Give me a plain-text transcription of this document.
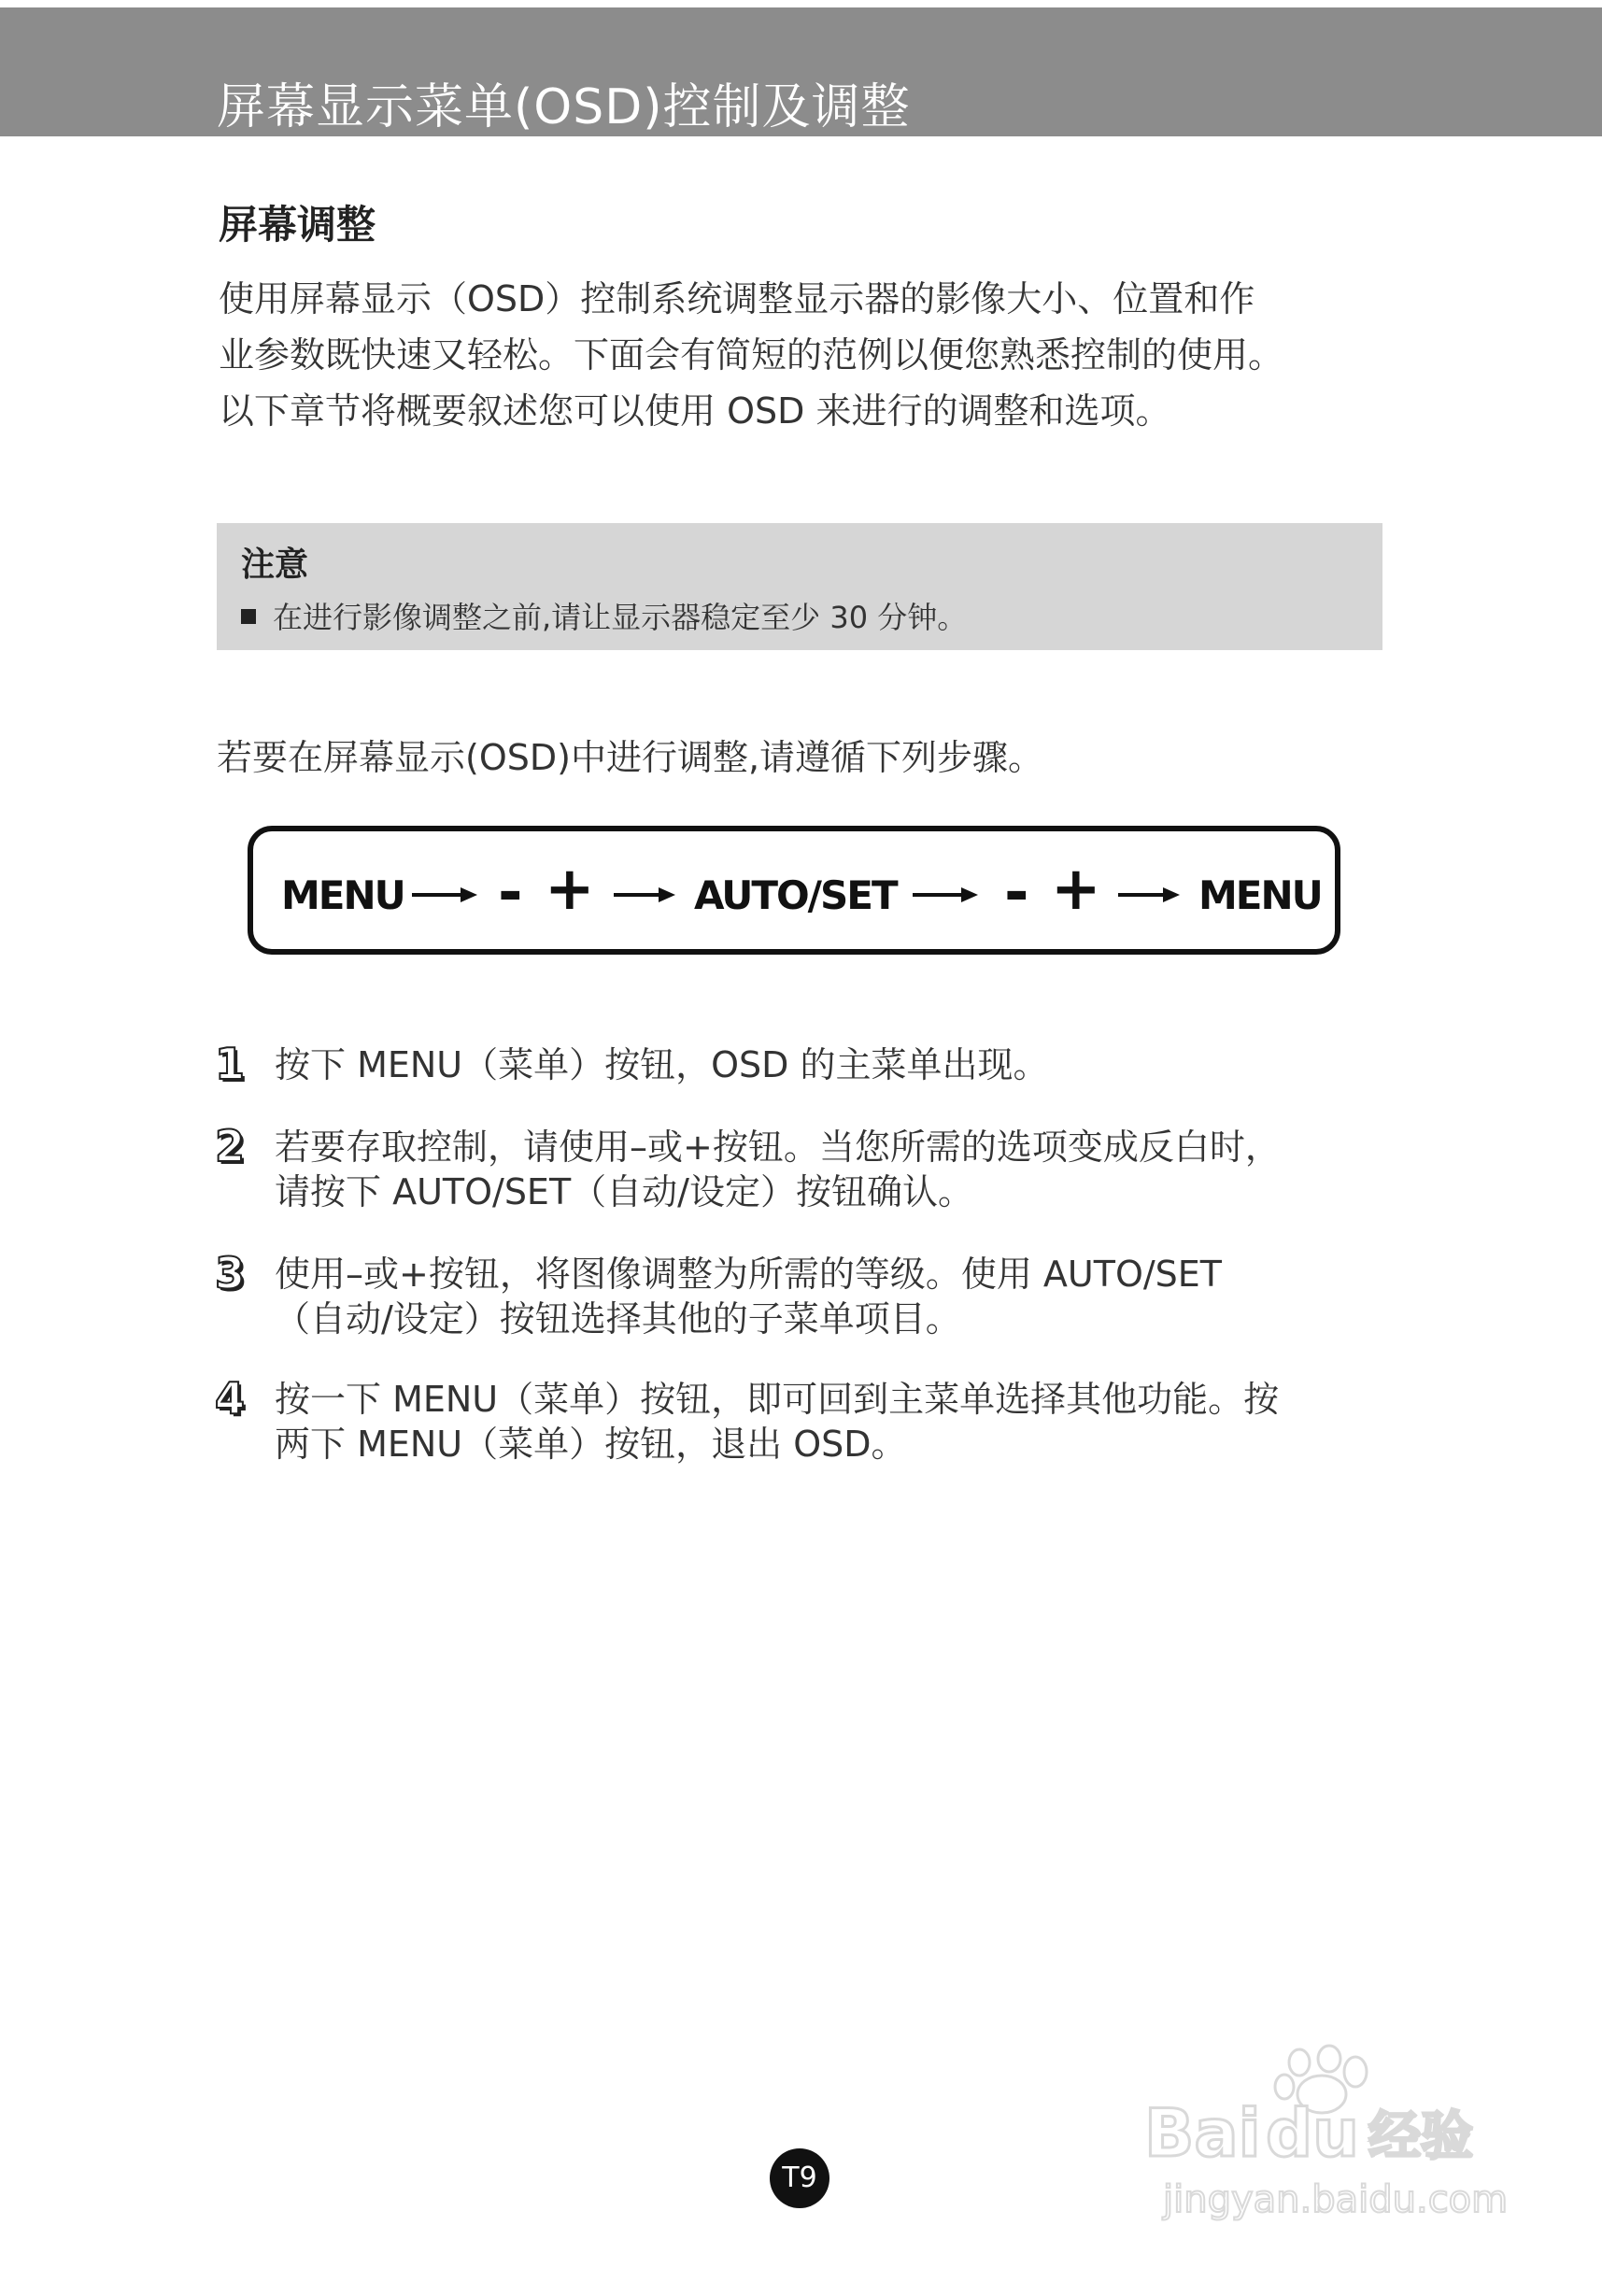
屏幕显示菜单(OSD)控制及调整
屏幕调整
使用屏幕显示（OSD）控制系统调整显示器的影像大小、位置和作
业参数既快速又轻松。下面会有简短的范例以便您熟悉控制的使用。
以下章节将概要叙述您可以使用 OSD 来进行的调整和选项。
注意
在进行影像调整之前,请让显示器稳定至少 30 分钟。
若要在屏幕显示(OSD)中进行调整,请遵循下列步骤。
MENU - +	AUTO/SET - + MENU
1 按下 MENU（菜单）按钮，OSD 的主菜单出现。
2 若要存取控制，请使用–或+按钮。当您所需的选项变成反白时，
请按下 AUTO/SET（自动/设定）按钮确认。
3 使用–或+按钮，将图像调整为所需的等级。使用 AUTO/SET
（自动/设定）按钮选择其他的子菜单项目。
4 按一下 MENU（菜单）按钮，即可回到主菜单选择其他功能。按
两下 MENU（菜单）按钮，退出 OSD。
T9
Bai du 经验
jingyan.baidu.com
